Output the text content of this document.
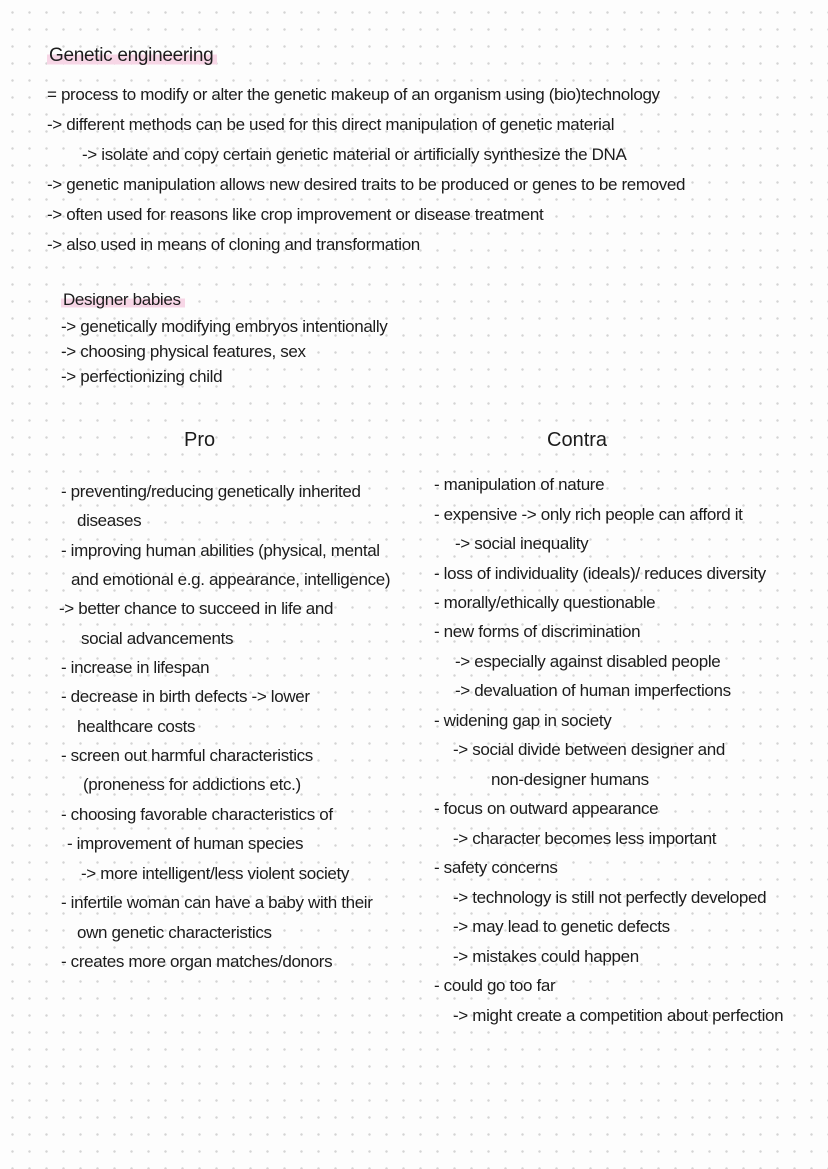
Genetic engineering
= process to modify or alter the genetic makeup of an organism using (bio)technology
-> different methods can be used for this direct manipulation of genetic material
-> isolate and copy certain genetic material or artificially synthesize the DNA
-> genetic manipulation allows new desired traits to be produced or genes to be removed
-> often used for reasons like crop improvement or disease treatment
-> also used in means of cloning and transformation
Designer babies
-> genetically modifying embryos intentionally
-> choosing physical features, sex
-> perfectionizing child
Pro	Contra
- preventing/reducing genetically inherited
diseases
- improving human abilities (physical, mental
and emotional e.g. appearance, intelligence)
-> better chance to succeed in life and
social advancements
- increase in lifespan
- decrease in birth defects -> lower
healthcare costs
- screen out harmful characteristics
(proneness for addictions etc.)
- choosing favorable characteristics of
- improvement of human species
-> more intelligent/less violent society
- infertile woman can have a baby with their
own genetic characteristics
- creates more organ matches/donors
- manipulation of nature
- expensive -> only rich people can afford it
-> social inequality
- loss of individuality (ideals)/ reduces diversity
- morally/ethically questionable
- new forms of discrimination
-> especially against disabled people
-> devaluation of human imperfections
- widening gap in society
-> social divide between designer and
non-designer humans
- focus on outward appearance
-> character becomes less important
- safety concerns
-> technology is still not perfectly developed
-> may lead to genetic defects
-> mistakes could happen
- could go too far
-> might create a competition about perfection
